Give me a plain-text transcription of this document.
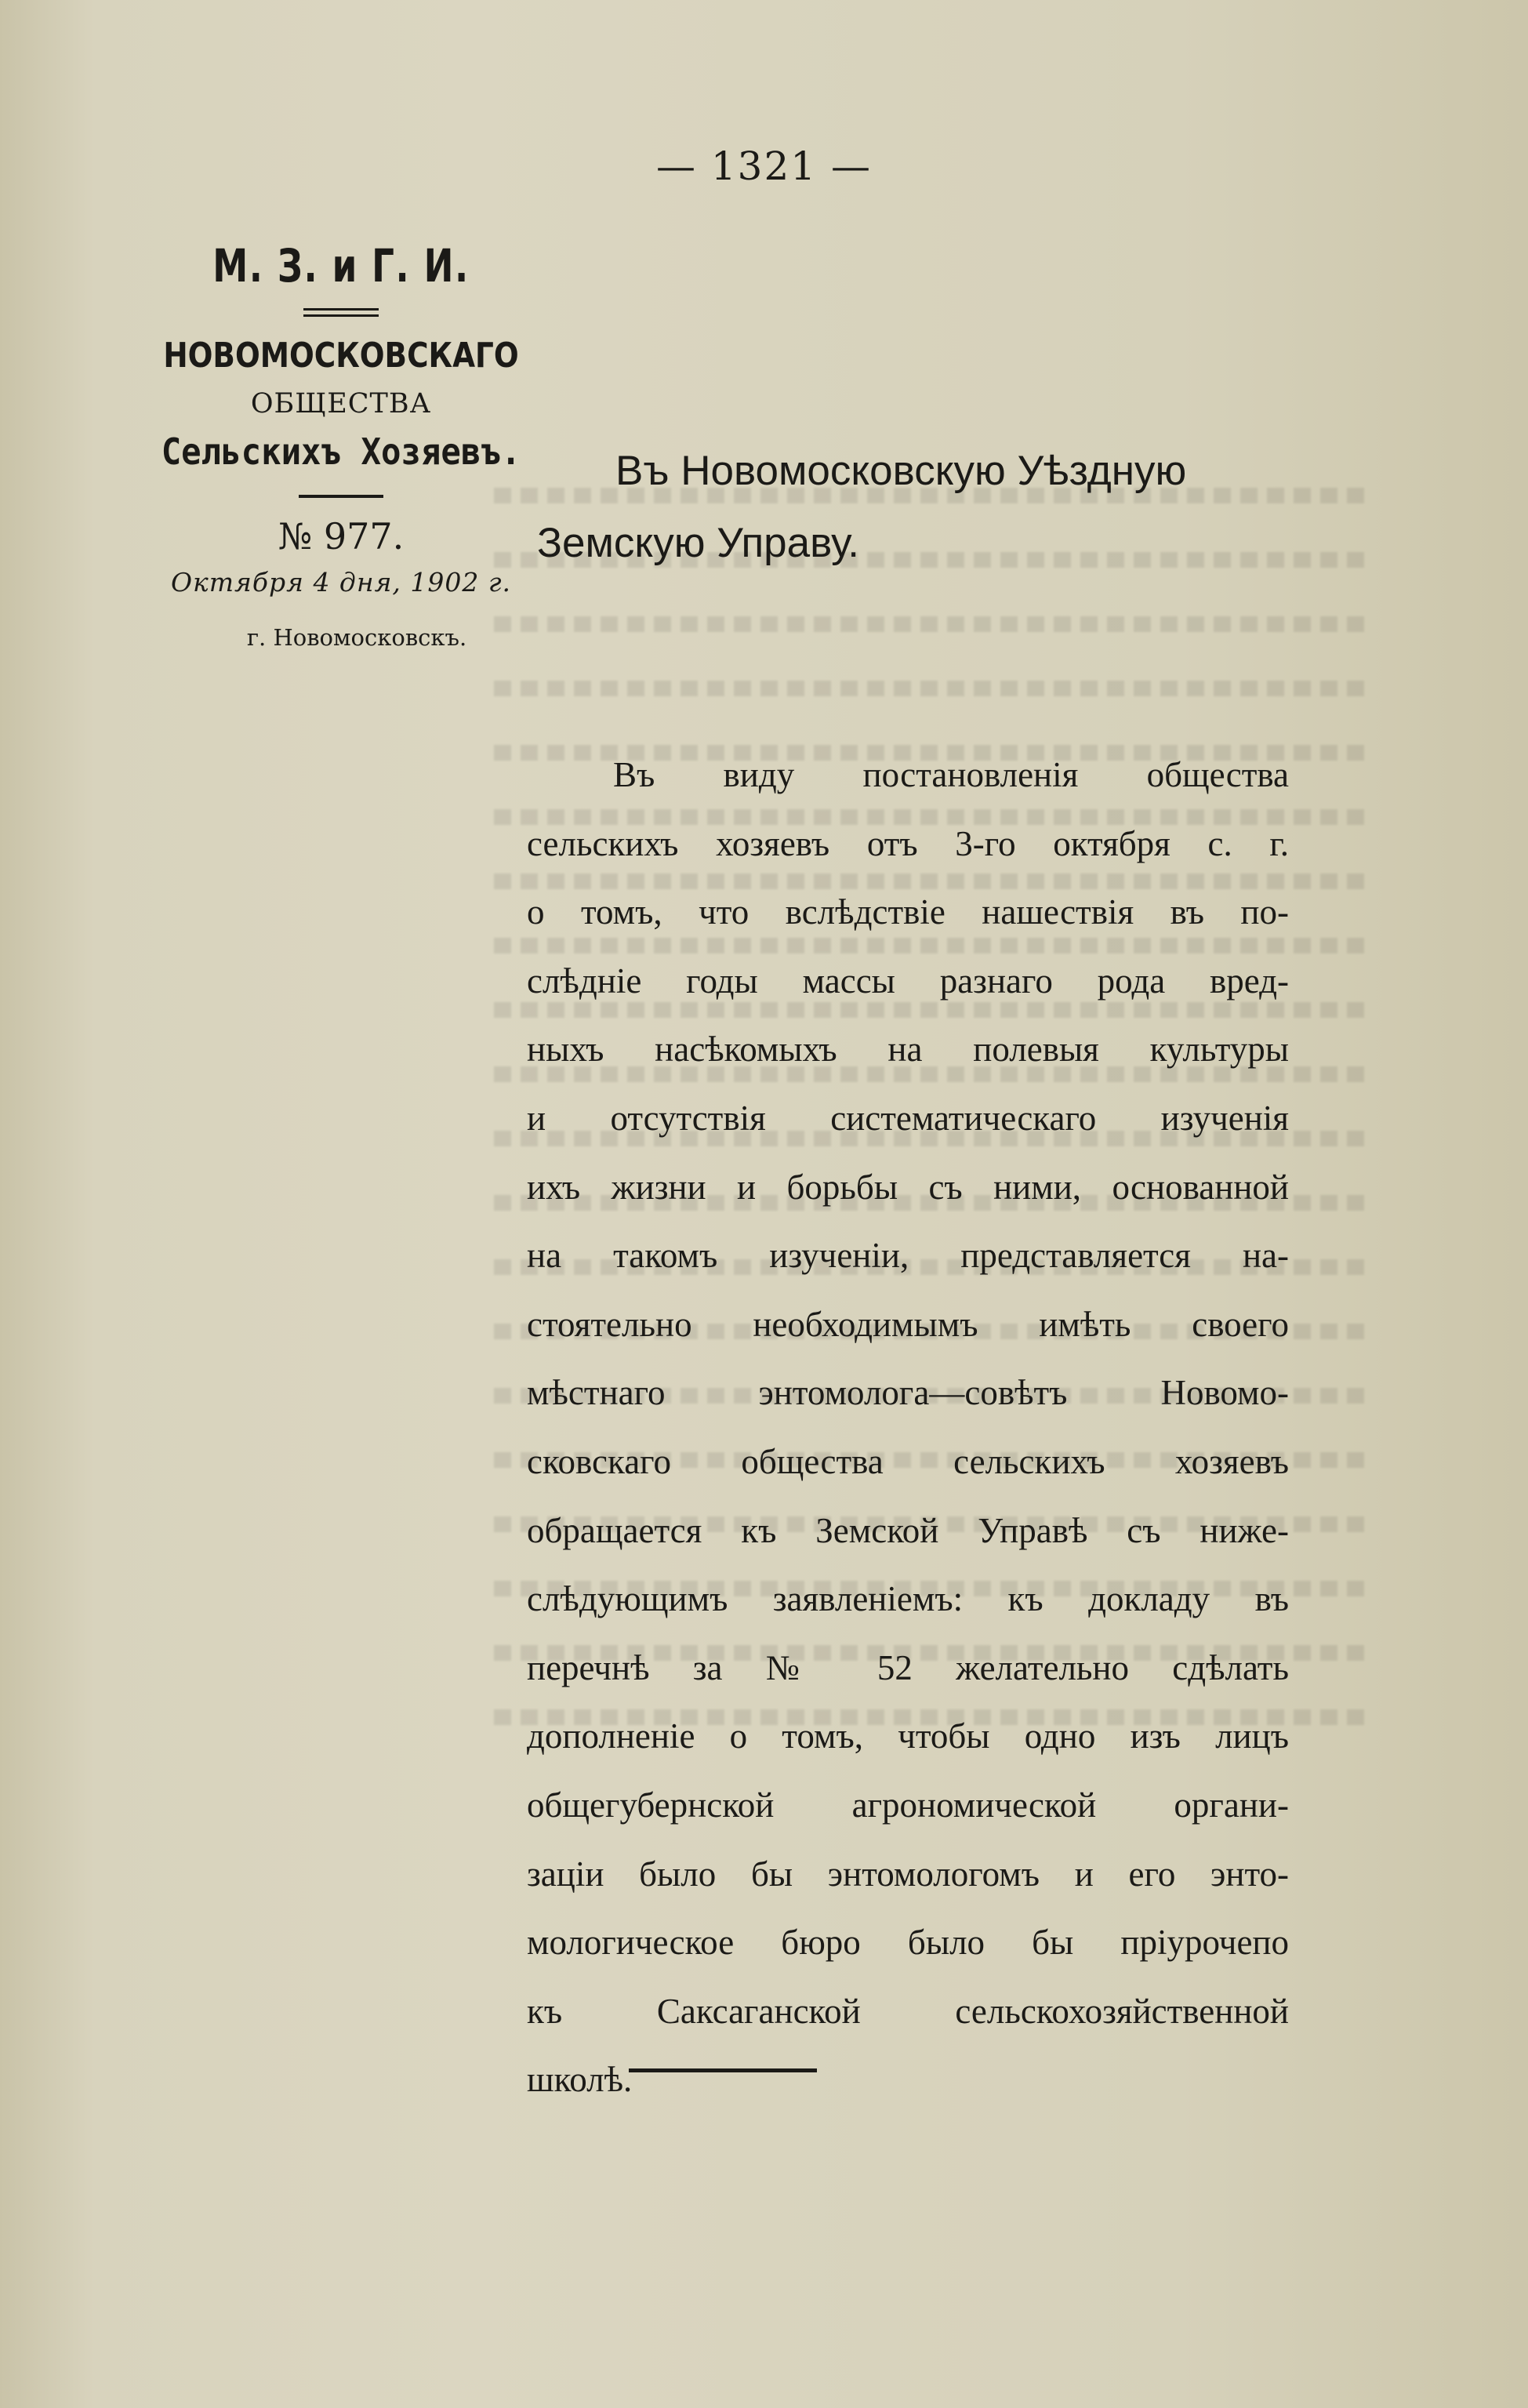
— 1321 —
М. З. и Г. И.
НОВОМОСКОВСКАГО
ОБЩЕСТВА
Сельскихъ Хозяевъ.
№ 977.
Октября 4 дня, 1902 г.
г. Новомосковскъ.
Въ Новомосковскую Уѣздную
Земскую Управу.
Въ виду постановленія общества
сельскихъ хозяевъ отъ 3-го октября с. г.
о томъ, что вслѣдствіе нашествія въ по-
слѣдніе годы массы разнаго рода вред-
ныхъ насѣкомыхъ на полевыя культуры
и отсутствія систематическаго изученія
ихъ жизни и борьбы съ ними, основанной
на такомъ изученіи, представляется на-
стоятельно необходимымъ имѣть своего
мѣстнаго энтомолога—совѣтъ Новомо-
сковскаго общества сельскихъ хозяевъ
обращается къ Земской Управѣ съ ниже-
слѣдующимъ заявленіемъ: къ докладу въ
перечнѣ за № 52 желательно сдѣлать
дополненіе о томъ, чтобы одно изъ лицъ
общегубернской агрономической органи-
заціи было бы энтомологомъ и его энто-
мологическое бюро было бы пріурочепо
къ Саксаганской сельскохозяйственной
школѣ.
